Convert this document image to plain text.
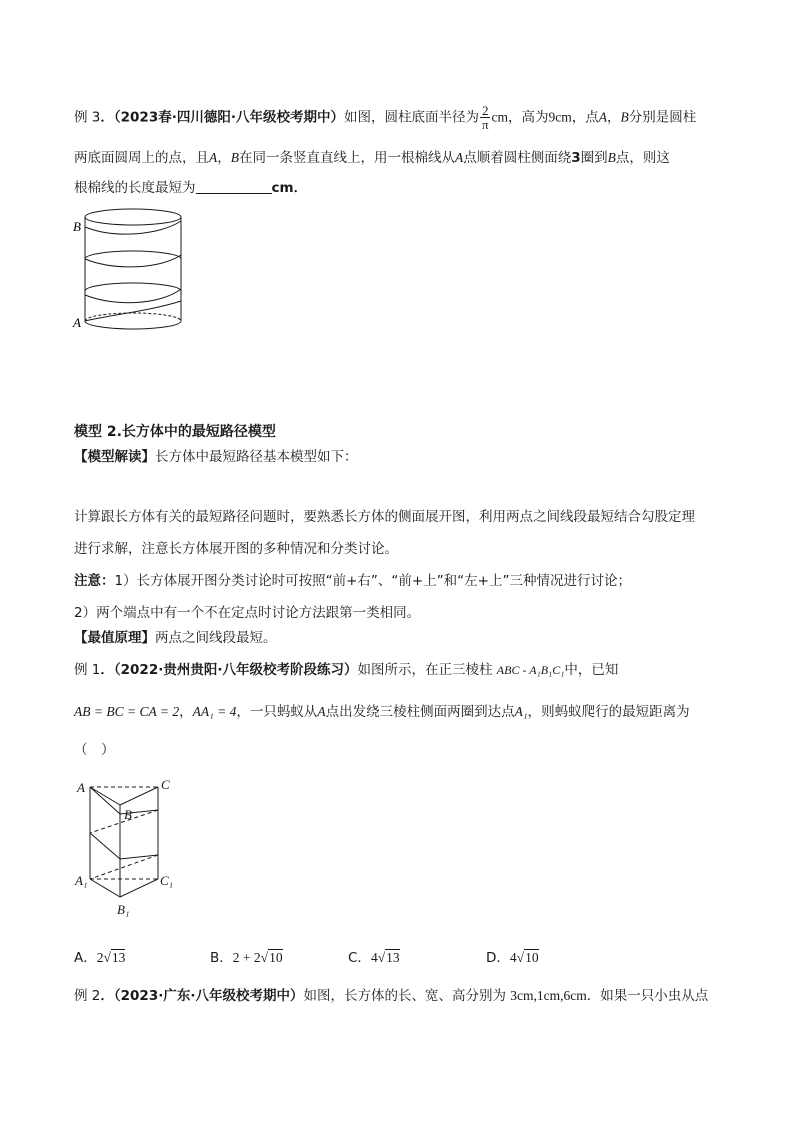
例 3．（2023春·四川德阳·八年级校考期中）如图，圆柱底面半径为 $\frac{2}{\pi}$ cm，高为9cm，点A，B分别是圆柱
两底面圆周上的点，且A，B在同一条竖直直线上，用一根棉线从A点顺着圆柱侧面绕3圈到B点，则这
根棉线的长度最短为	cm．
B
A
模型 2.长方体中的最短路径模型
【模型解读】长方体中最短路径基本模型如下：
计算跟长方体有关的最短路径问题时，要熟悉长方体的侧面展开图，利用两点之间线段最短结合勾股定理
进行求解，注意长方体展开图的多种情况和分类讨论。
注意：1）长方体展开图分类讨论时可按照“前+右”、“前+上”和“左+上”三种情况进行讨论；
2）两个端点中有一个不在定点时讨论方法跟第一类相同。
【最值原理】两点之间线段最短。
例 1．（2022·贵州贵阳·八年级校考阶段练习）如图所示，在正三棱柱 ABC - A₁B₁C₁中，已知
AB = BC = CA = 2，AA₁ = 4，一只蚂蚁从A点出发绕三棱柱侧面两圈到达点A₁，则蚂蚁爬行的最短距离为
（　）
A	C
B
A₁	C₁
B₁
A．2√13	B．2 + 2√10	C．4√13	D．4√10
例 2．（2023·广东·八年级校考期中）如图，长方体的长、宽、高分别为 3cm,1cm,6cm．如果一只小虫从点
